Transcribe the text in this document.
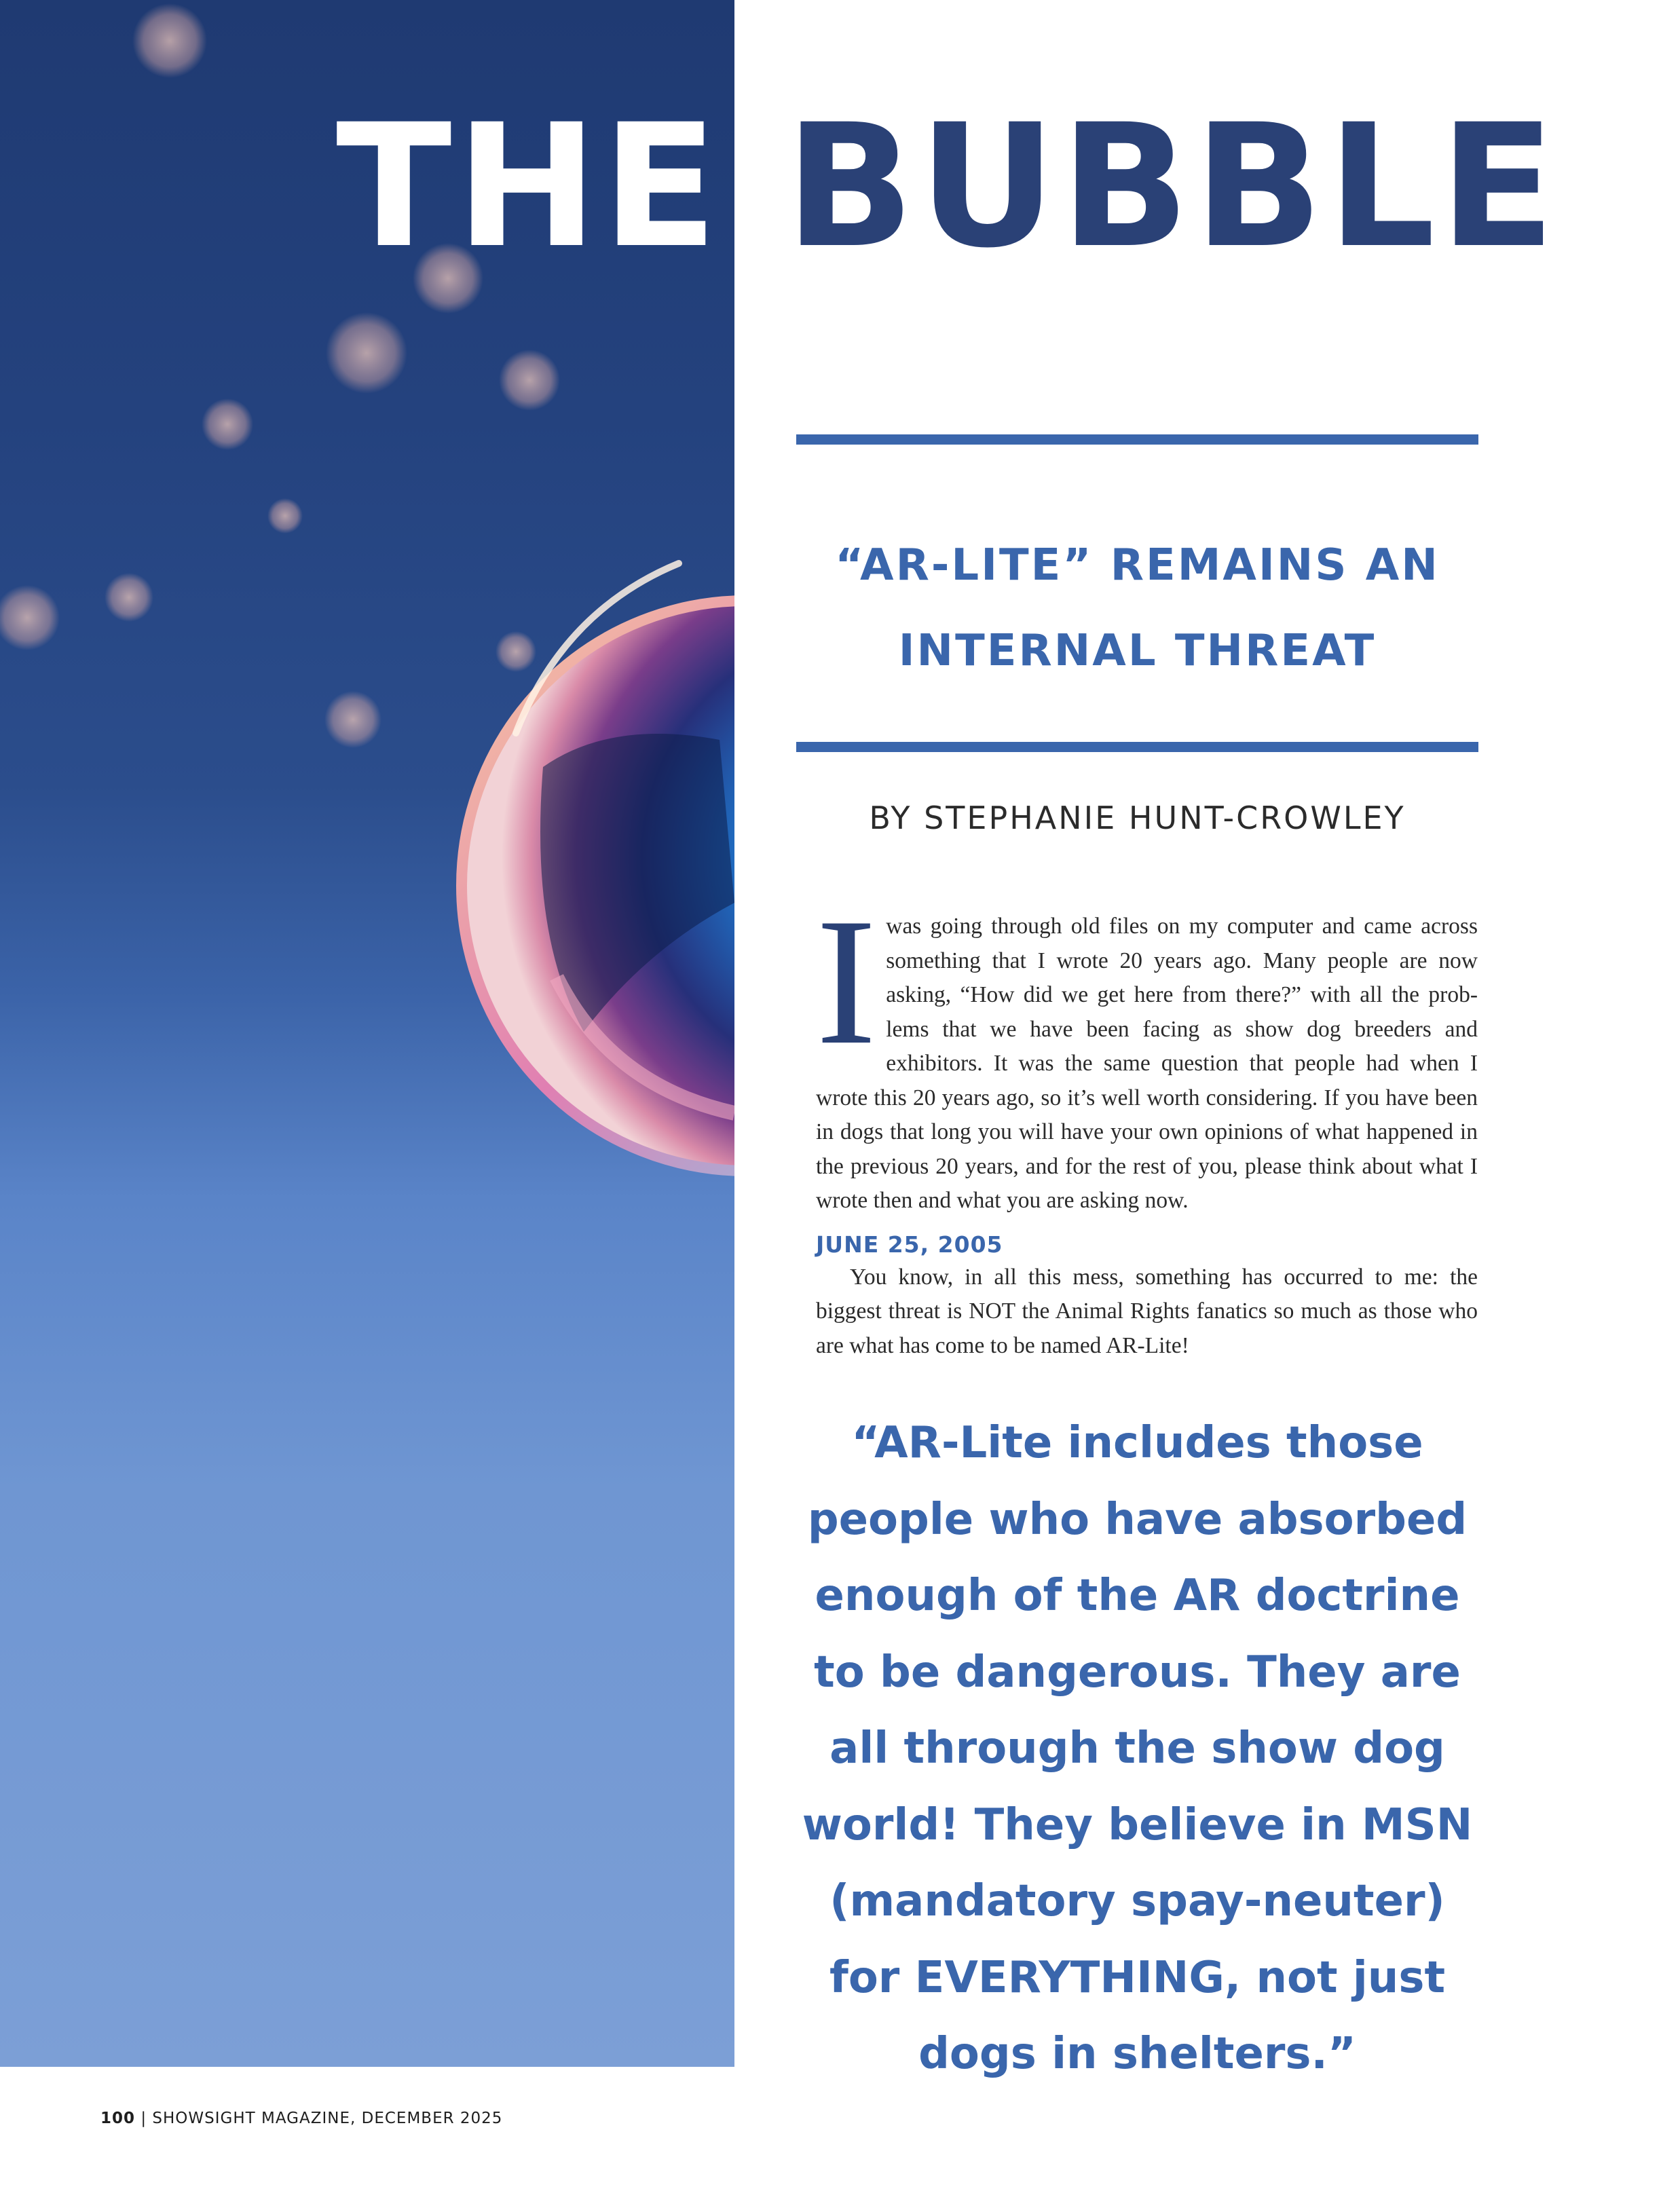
THE BUBBLE
“AR-LITE” REMAINS AN
INTERNAL THREAT
BY STEPHANIE HUNT-CROWLEY

Iwas going through old files on my computer and came across something that I wrote 20 years ago. Many people are now asking, “How did we get here from there?” with all the prob-lems that we have been facing as show dog breeders and exhibitors. It was the same question that people had when I wrote this 20 years ago, so it’s well worth considering. If you have been in dogs that long you will have your own opinions of what happened in the previous 20 years, and for the rest of you, please think about what I wrote then and what you are asking now.

JUNE 25, 2005

You know, in all this mess, something has occurred to me: the biggest threat is NOT the Animal Rights fanatics so much as those who are what has come to be named AR-Lite!

“AR-Lite includes those
people who have absorbed
enough of the AR doctrine
to be dangerous. They are
all through the show dog
world! They believe in MSN
(mandatory spay-neuter)
for EVERYTHING, not just
dogs in shelters.”
100 | SHOWSIGHT MAGAZINE, DECEMBER 2025
